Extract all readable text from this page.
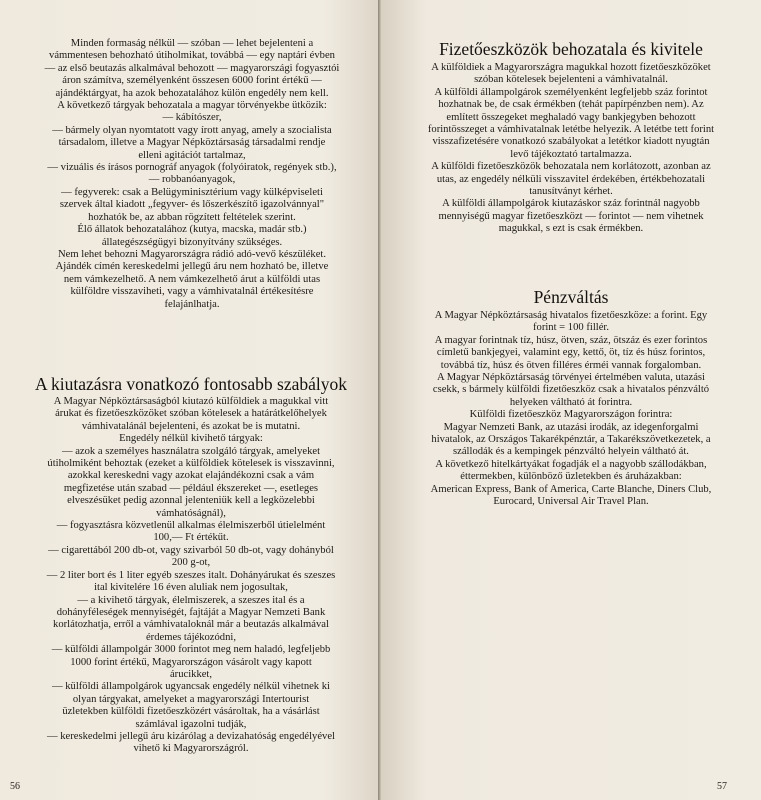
Minden formaság nélkül — szóban — lehet bejelenteni a

vámmentesen behozható útiholmikat, továbbá — egy naptári évben

— az első beutazás alkalmával behozott — magyarországi fogyasztói

áron számítva, személyenként összesen 6000 forint értékű —

ajándéktárgyat, ha azok behozatalához külön engedély nem kell.

A következő tárgyak behozatala a magyar törvényekbe ütközik:

— kábítószer,

— bármely olyan nyomtatott vagy írott anyag, amely a szocialista

társadalom, illetve a Magyar Népköztársaság társadalmi rendje

elleni agitációt tartalmaz,

— vizuális és írásos pornográf anyagok (folyóiratok, regények stb.),

— robbanóanyagok,

— fegyverek: csak a Belügyminisztérium vagy külképviseleti

szervek által kiadott „fegyver- és lőszerkészítő igazolvánnyal"

hozhatók be, az abban rögzített feltételek szerint.

Élő állatok behozatalához (kutya, macska, madár stb.)

állategészségügyi bizonyítvány szükséges.

Nem lehet behozni Magyarországra rádió adó-vevő készüléket.

Ajándék címén kereskedelmi jellegű áru nem hozható be, illetve

nem vámkezelhető. A nem vámkezelhető árut a külföldi utas

külföldre visszaviheti, vagy a vámhivatalnál értékesítésre

felajánlhatja.

A kiutazásra vonatkozó fontosabb szabályok

A Magyar Népköztársaságból kiutazó külföldiek a magukkal vitt

árukat és fizetőeszközöket szóban kötelesek a határátkelőhelyek

vámhivatalánál bejelenteni, és azokat be is mutatni.

Engedély nélkül kivihető tárgyak:

— azok a személyes használatra szolgáló tárgyak, amelyeket

útiholmiként behoztak (ezeket a külföldiek kötelesek is visszavinni,

azokkal kereskedni vagy azokat elajándékozni csak a vám

megfizetése után szabad — például ékszereket —, esetleges

elveszésüket pedig azonnal jelenteniük kell a legközelebbi

vámhatóságnál),

— fogyasztásra közvetlenül alkalmas élelmiszerből útielelmént

100,— Ft értékűt.

— cigarettából 200 db-ot, vagy szivarból 50 db-ot, vagy dohányból

200 g-ot,

— 2 liter bort és 1 liter egyéb szeszes italt. Dohányárukat és szeszes

ital kivitelére 16 éven aluliak nem jogosultak,

— a kivihető tárgyak, élelmiszerek, a szeszes ital és a

dohányféleségek mennyiségét, fajtáját a Magyar Nemzeti Bank

korlátozhatja, erről a vámhivataloknál már a beutazás alkalmával

érdemes tájékozódni,

— külföldi állampolgár 3000 forintot meg nem haladó, legfeljebb

1000 forint értékű, Magyarországon vásárolt vagy kapott

árucikket,

— külföldi állampolgárok ugyancsak engedély nélkül vihetnek ki

olyan tárgyakat, amelyeket a magyarországi Intertourist

üzletekben külföldi fizetőeszközért vásároltak, ha a vásárlást

számlával igazolni tudják,

— kereskedelmi jellegű áru kizárólag a devizahatóság engedélyével

vihető ki Magyarországról.

56
Fizetőeszközök behozatala és kivitele

A külföldiek a Magyarországra magukkal hozott fizetőeszközöket

szóban kötelesek bejelenteni a vámhivatalnál.

A külföldi állampolgárok személyenként legfeljebb száz forintot

hozhatnak be, de csak érmékben (tehát papírpénzben nem). Az

említett összegeket meghaladó vagy bankjegyben behozott

forintösszeget a vámhivatalnak letétbe helyezik. A letétbe tett forint

visszafizetésére vonatkozó szabályokat a letétkor kiadott nyugtán

levő tájékoztató tartalmazza.

A külföldi fizetőeszközök behozatala nem korlátozott, azonban az

utas, az engedély nélküli visszavitel érdekében, értékbehozatali

tanusítványt kérhet.

A külföldi állampolgárok kiutazáskor száz forintnál nagyobb

mennyiségű magyar fizetőeszközt — forintot — nem vihetnek

magukkal, s ezt is csak érmékben.

Pénzváltás

A Magyar Népköztársaság hivatalos fizetőeszköze: a forint. Egy

forint = 100 fillér.

A magyar forintnak tíz, húsz, ötven, száz, ötszáz és ezer forintos

címletű bankjegyei, valamint egy, kettő, öt, tíz és húsz forintos,

továbbá tíz, húsz és ötven filléres érméi vannak forgalomban.

A Magyar Népköztársaság törvényei értelmében valuta, utazási

csekk, s bármely külföldi fizetőeszköz csak a hivatalos pénzváltó

helyeken váltható át forintra.

Külföldi fizetőeszköz Magyarországon forintra:

Magyar Nemzeti Bank, az utazási irodák, az idegenforgalmi

hivatalok, az Országos Takarékpénztár, a Takarékszövetkezetek, a

szállodák és a kempingek pénzváltó helyein váltható át.

A következő hitelkártyákat fogadják el a nagyobb szállodákban,

éttermekben, különböző üzletekben és áruházakban:

American Express, Bank of America, Carte Blanche, Diners Club,

Eurocard, Universal Air Travel Plan.

57
